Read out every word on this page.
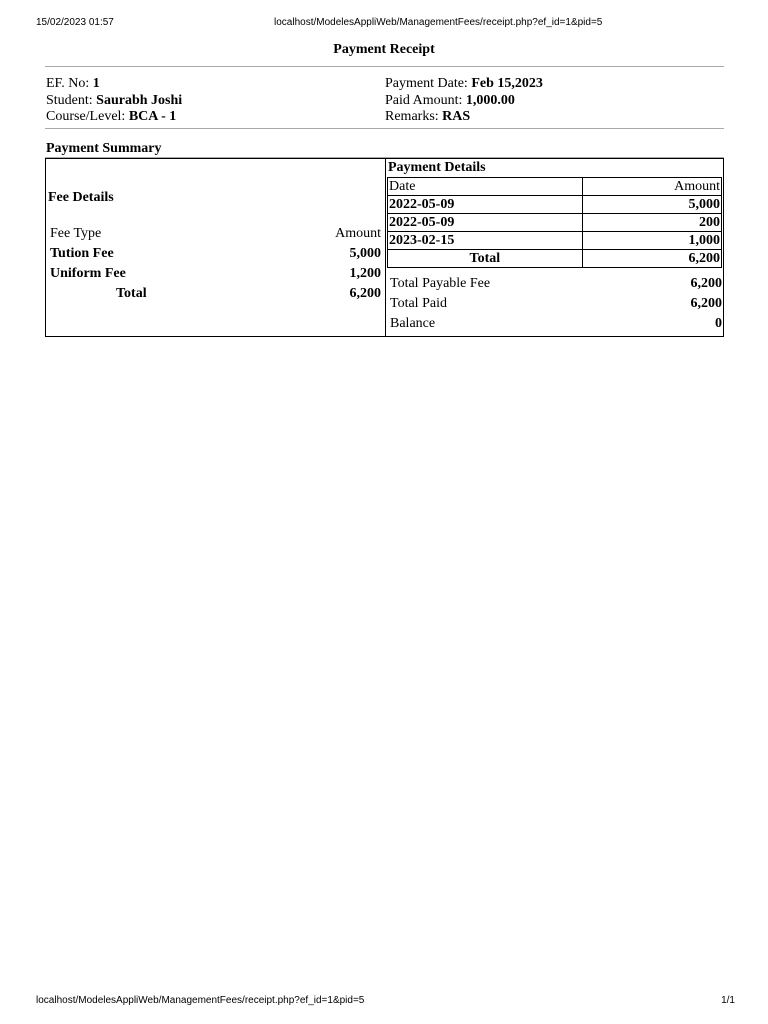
15/02/2023 01:57	localhost/ModelesAppliWeb/ManagementFees/receipt.php?ef_id=1&pid=5
Payment Receipt
EF. No: 1
Student: Saurabh Joshi
Course/Level: BCA - 1
Payment Date: Feb 15,2023
Paid Amount: 1,000.00
Remarks: RAS
Payment Summary
Fee Details
Fee Type	Amount
Tution Fee	5,000
Uniform Fee	1,200
Total	6,200
Payment Details
Date	Amount
2022-05-09	5,000
2022-05-09	200
2023-02-15	1,000
Total	6,200
Total Payable Fee	6,200
Total Paid	6,200
Balance	0
localhost/ModelesAppliWeb/ManagementFees/receipt.php?ef_id=1&pid=5	1/1
